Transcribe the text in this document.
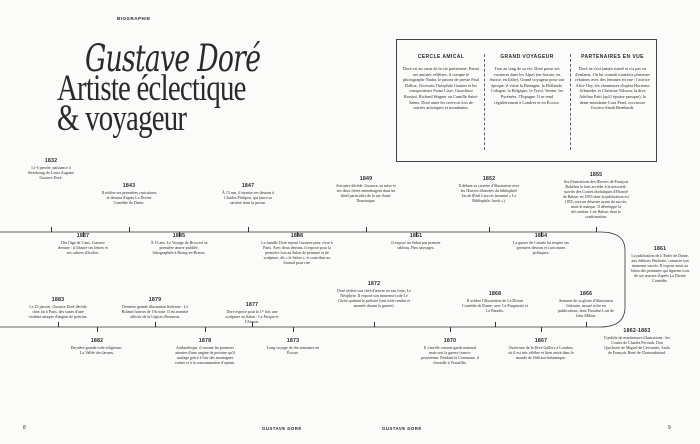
BIOGRAPHIE
Gustave Doré
Artiste éclectique
& voyageur
CERCLE AMICAL

Doré est au cœur de la vie parisienne. Parmi ses amitiés célèbres, il compte le photographe Nadar, le patron de presse Paul Dalloz, l'écrivain Théophile Gautier et les compositeurs Franz Liszt, Gioachino Rossini, Richard Wagner ou Camille Saint-Saëns. Doré aime les recevoir lors de soirées artistiques et mondaines.

GRAND VOYAGEUR

Tout au long de sa vie, Doré passe ses vacances dans les Alpes (en Savoie, en Suisse, en Italie). Grand voyageur pour son époque, il visite la Bretagne, la Hollande, Cologne, la Belgique, le Tyrol, Venise, les Pyrénées, l'Espagne. Il se rend régulièrement à Londres et en Écosse.

PARTENAIRES EN VUE

Doré ne s'est jamais marié et n'a pas eu d'enfants. On lui connaît toutefois plusieurs relations avec des femmes en vue : l'actrice Alice Ozy, les chanteuses d'opéra Hortense Schneider et Christine Nilsson, la diva Adelina Patti (qu'il épouse presque), la demi-mondaine Cora Pearl, ou encore l'actrice Sarah Bernhardt.

1832
Le 6 janvier, naissance à Strasbourg de Louis Auguste Gustave Doré.
1837
Dès l'âge de 5 ans, Gustave dessine : il illustre ses lettres et ses cahiers d'écolier.
1843
Il réalise ses premières caricatures et dessins d'après La Divine Comédie de Dante.
1845
À 13 ans, Le Voyage de Brou est sa première œuvre publiée, lithographiée à Bourg-en-Bresse.
1847
À 15 ans, il montre ses dessins à Charles Philipon, qui lance sa carrière dans la presse.
1848
La famille Doré rejoint Gustave pour vivre à Paris. Avec deux dessins, il expose pour la première fois au Salon de peinture et de sculpture, dit « le Salon », et contribue au Journal pour rire.
1849
Son père décède. Gustave, sa mère et ses deux frères emménagent dans un hôtel particulier de la rue Saint-Dominique.
1851
Il expose au Salon son premier tableau, Pins sauvages.
1852
Il débute sa carrière d'illustrateur avec les Œuvres illustrées du bibliophile Jacob (Paul Lacroix (nommé « Le Bibliophile Jacob »).
1854
La guerre de Crimée lui inspire ses premiers dessins et caricatures politiques.
1855
Ses illustrations des Œuvres de François Rabelais le font accéder à la notoriété, suivies des Contes drolatiques d'Honoré de Balzac en 1855 dont la publication est 1855, sera un désastre ayant du succès, mais le marque. Il développe la décoration. Lire Balzac dont la confirmation.
1861
La publication de L'Enfer de Dante, aux éditions Hachette, consacre son immense succès. Il expose aussi au Salon des peintures qui figurent trois de ses œuvres d'après La Divine Comédie.
1883
Le 23 janvier, Gustave Doré décède chez lui à Paris, des suites d'une violente attaque d'angine de poitrine.
1882
Dernière grande toile religieuse : La Vallée des larmes.
1879
Dernière grande illustration littéraire : Le Roland furieux de l'Arioste. Il est nommé officier de la Légion d'honneur.
1878
Arithmétique, il ressent les premiers attentes d'une angine de poitrine qu'il soulage grâce à l'air des montagnes vaines et à la consommation d'opium.
1877
Doré expose pour la 1ʳᵉ fois une sculpture au Salon : La Parque et l'Amour.
1873
Long voyage de dix semaines en Écosse.
1872
Doré réalise son chef-d'œuvre en eau forte, Le Néophyte. Il expose son immense toile Le Christ quittant le prétoire (une toile rendue et amenée durant la guerre).
1870
Il s'enrôle comme garde national mais sert la guerre franco-prussienne. Pendant la Commune, il s'installe à Versailles.
1868
Il achève l'illustration de La Divine Comédie de Dante, avec Le Purgatoire et Le Paradis.
1867
Ouverture de la Doré Gallery à Londres, où il est très célèbre et bien ancré dans le monde de l'édition britannique.
1866
Sommet de sa gloire d'illustrateur littéraire, assuré riche en publications, dont Paradise Lost de John Milton.
1862-1863
Il publie de nombreuses illustrations : les Contes de Charles Perrault, Don Quichotte de Miguel de Cervantès, Atala de François René de Chateaubriand.
8	GUSTAVE DORÉ	GUSTAVE DORÉ	9
